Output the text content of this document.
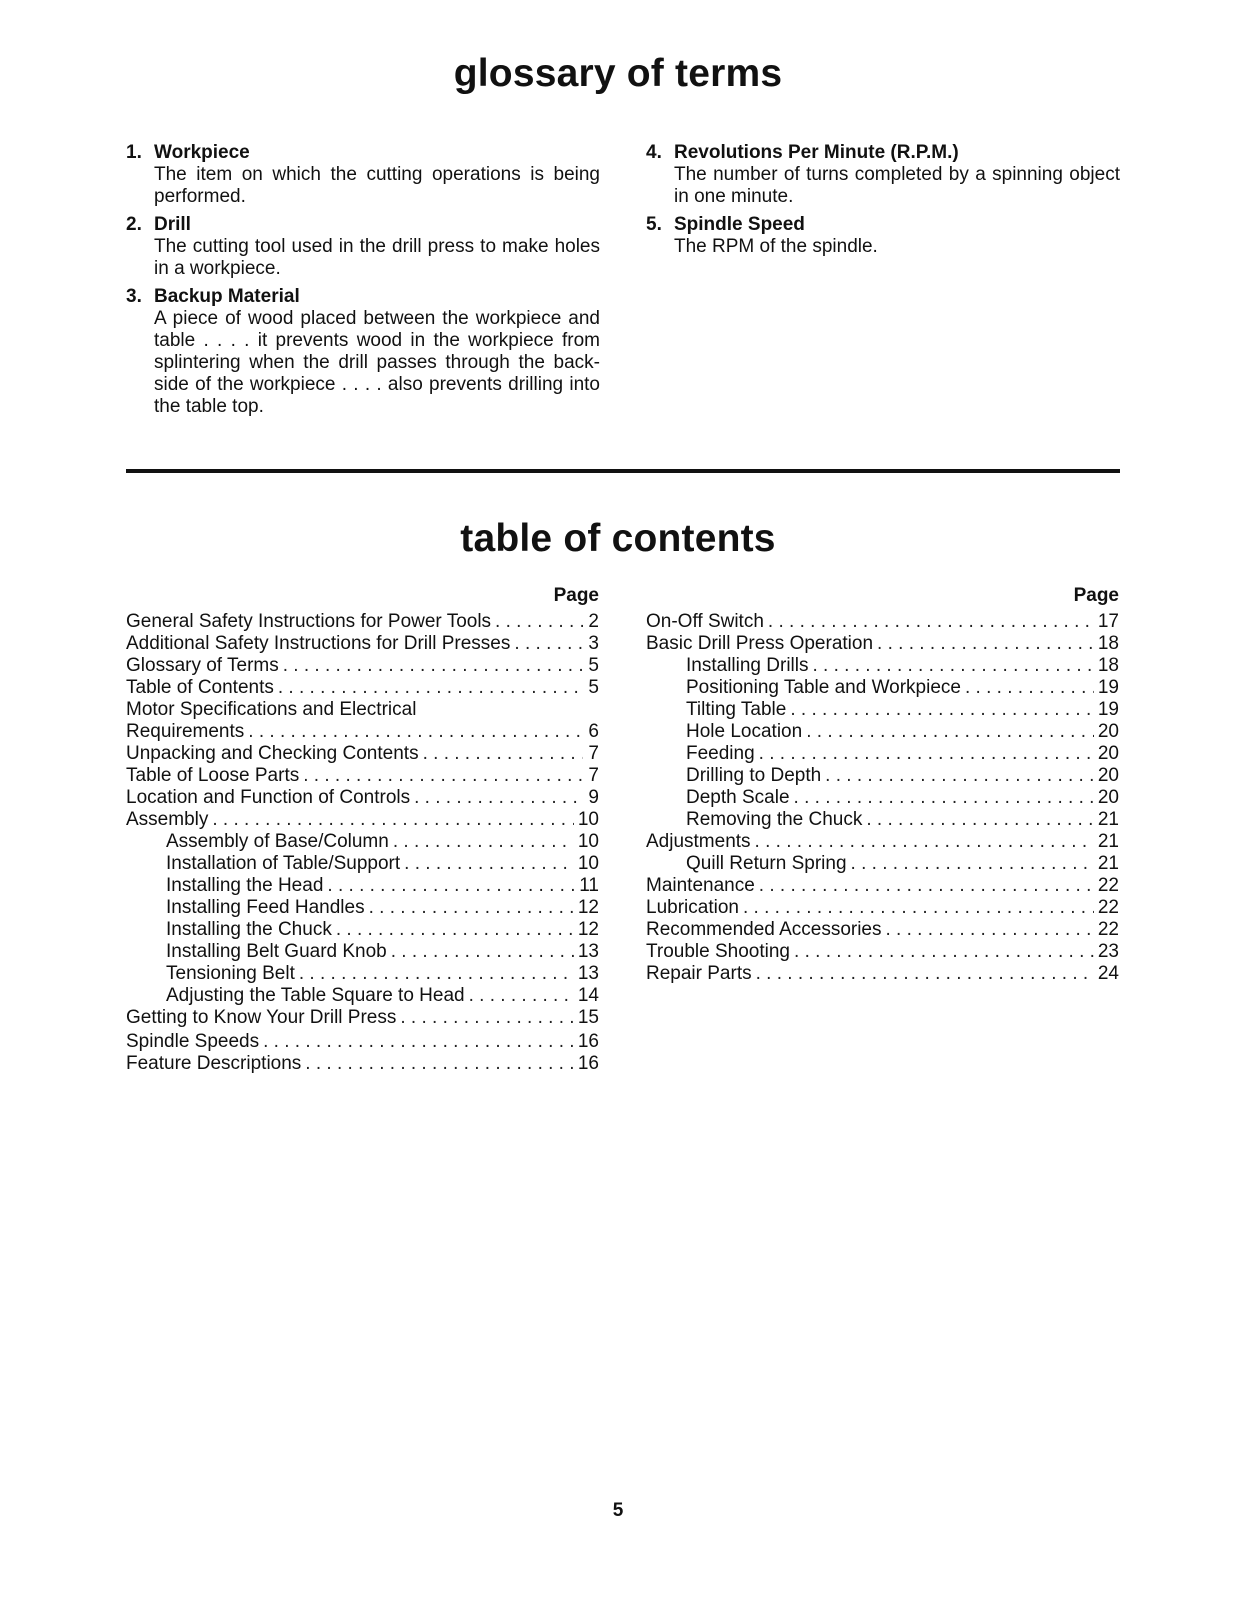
glossary of terms
1. Workpiece
The item on which the cutting operations is being performed.
2. Drill
The cutting tool used in the drill press to make holes in a workpiece.
3. Backup Material
A piece of wood placed between the workpiece and table . . . . it prevents wood in the workpiece from splintering when the drill passes through the back-side of the workpiece . . . . also prevents drilling into the table top.
4. Revolutions Per Minute (R.P.M.)
The number of turns completed by a spinning object in one minute.
5. Spindle Speed
The RPM of the spindle.
table of contents
Page
General Safety Instructions for Power Tools . . .	2
Additional Safety Instructions for Drill Presses . . .	3
Glossary of Terms . . .	5
Table of Contents . . .	5
Motor Specifications and Electrical
Requirements . . .	6
Unpacking and Checking Contents . . .	7
Table of Loose Parts . . .	7
Location and Function of Controls . . .	9
Assembly . . .	10
Assembly of Base/Column . . .	10
Installation of Table/Support . . .	10
Installing the Head . . .	11
Installing Feed Handles . . .	12
Installing the Chuck . . .	12
Installing Belt Guard Knob . . .	13
Tensioning Belt . . .	13
Adjusting the Table Square to Head . . .	14
Getting to Know Your Drill Press . . .	15
Spindle Speeds . . .	16
Feature Descriptions . . .	16
Page
On-Off Switch . . .	17
Basic Drill Press Operation . . .	18
Installing Drills . . .	18
Positioning Table and Workpiece . . .	19
Tilting Table . . .	19
Hole Location . . .	20
Feeding . . .	20
Drilling to Depth . . .	20
Depth Scale . . .	20
Removing the Chuck . . .	21
Adjustments . . .	21
Quill Return Spring . . .	21
Maintenance . . .	22
Lubrication . . .	22
Recommended Accessories . . .	22
Trouble Shooting . . .	23
Repair Parts . . .	24
5
